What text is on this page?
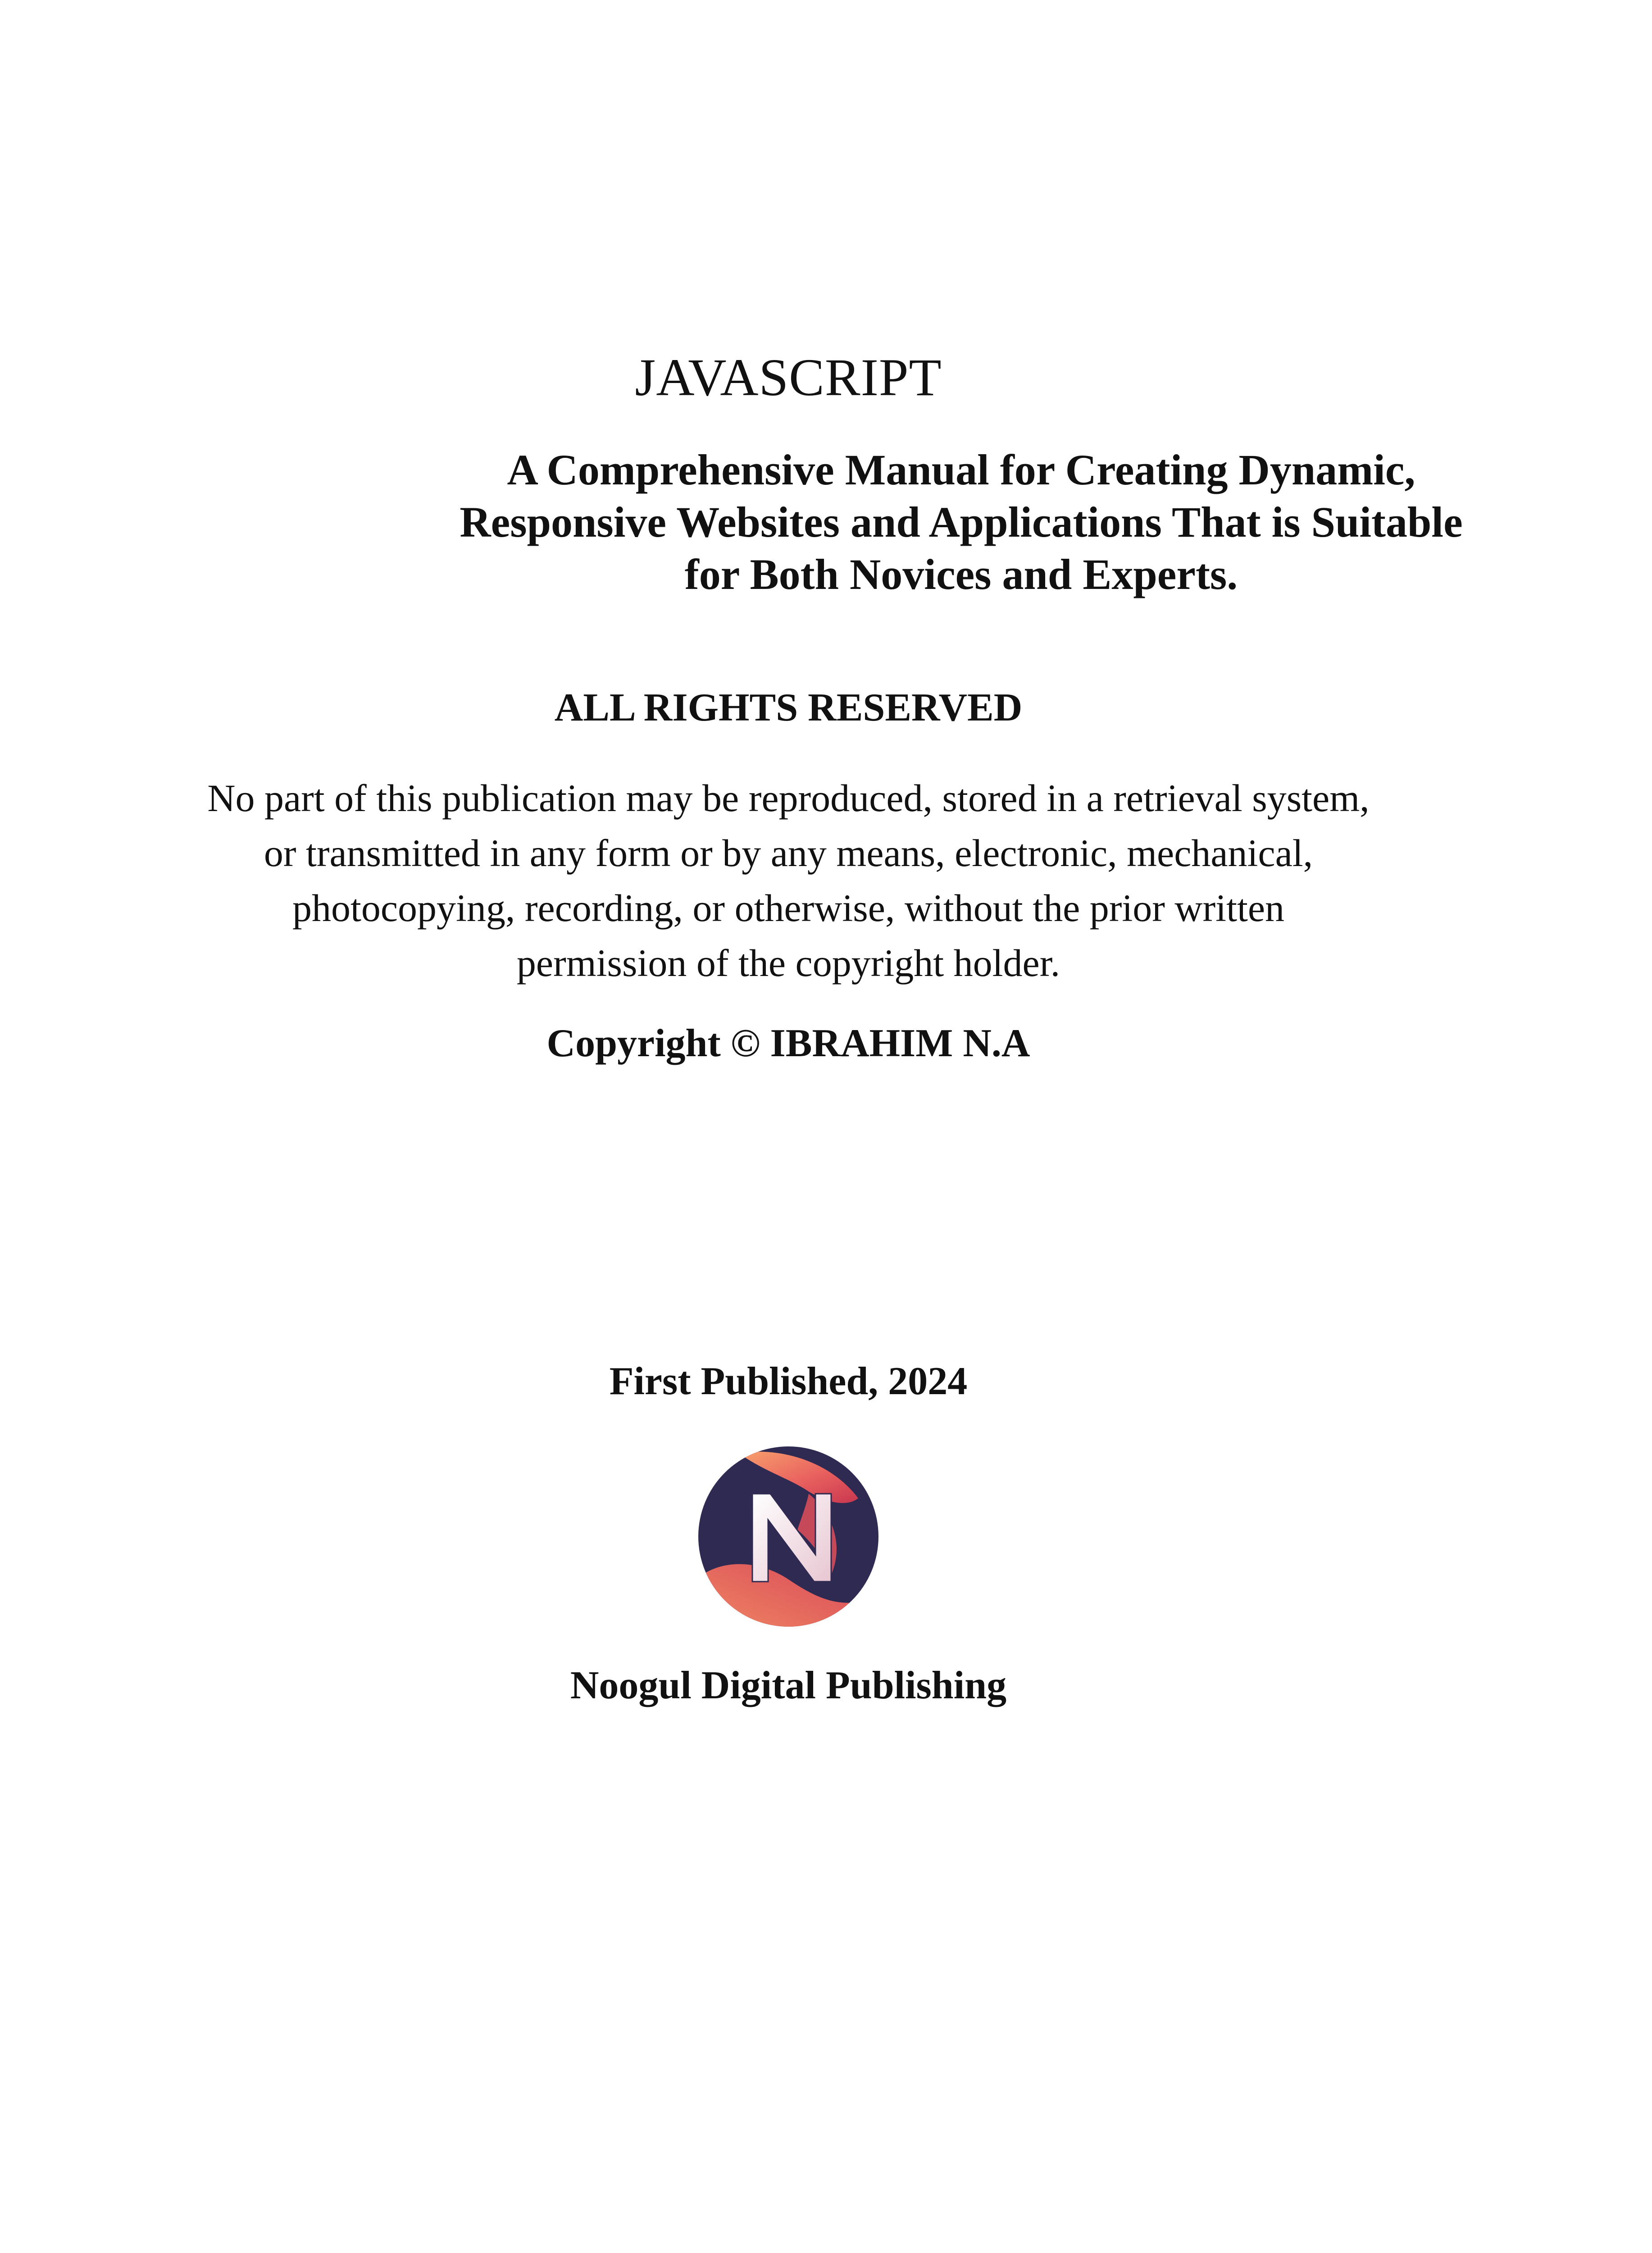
JAVASCRIPT
A Comprehensive Manual for Creating Dynamic,
Responsive Websites and Applications That is Suitable
for Both Novices and Experts.
ALL RIGHTS RESERVED
No part of this publication may be reproduced, stored in a retrieval system,
or transmitted in any form or by any means, electronic, mechanical,
photocopying, recording, or otherwise, without the prior written
permission of the copyright holder.
Copyright © IBRAHIM N.A
First Published, 2024
Noogul Digital Publishing
